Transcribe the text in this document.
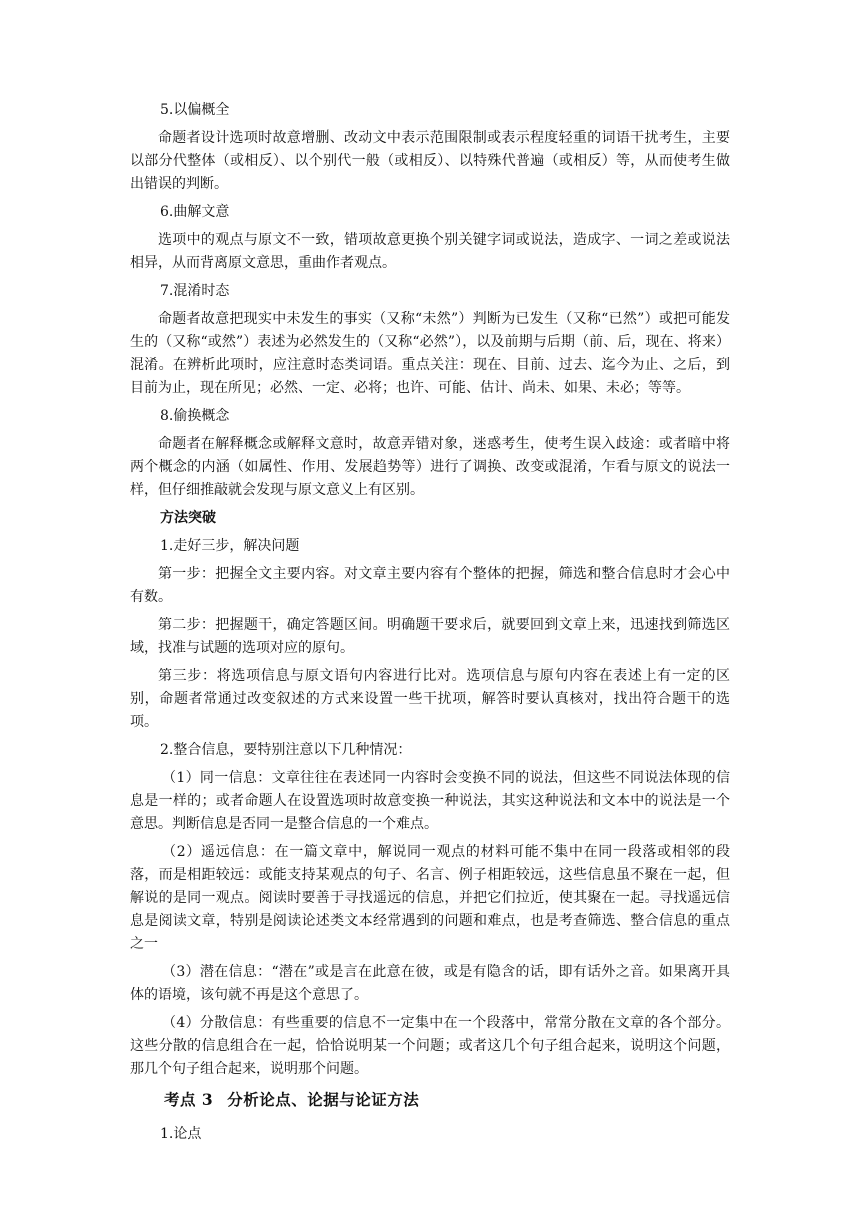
5.以偏概全

命题者设计选项时故意增删、改动文中表示范围限制或表示程度轻重的词语干扰考生，主要以部分代整体（或相反）、以个别代一般（或相反）、以特殊代普遍（或相反）等，从而使考生做出错误的判断。

6.曲解文意

选项中的观点与原文不一致，错项故意更换个别关键字词或说法，造成字、一词之差或说法相异，从而背离原文意思，重曲作者观点。

7.混淆时态

命题者故意把现实中未发生的事实（又称“未然”）判断为已发生（又称“已然”）或把可能发生的（又称“或然”）表述为必然发生的（又称“必然”），以及前期与后期（前、后，现在、将来）混淆。在辨析此项时，应注意时态类词语。重点关注：现在、目前、过去、迄今为止、之后，到目前为止，现在所见；必然、一定、必将；也许、可能、估计、尚未、如果、未必；等等。

8.偷换概念

命题者在解释概念或解释文意时，故意弄错对象，迷惑考生，使考生误入歧途：或者暗中将两个概念的内涵（如属性、作用、发展趋势等）进行了调换、改变或混淆，乍看与原文的说法一样，但仔细推敲就会发现与原文意义上有区别。

方法突破

1.走好三步，解决问题

第一步：把握全文主要内容。对文章主要内容有个整体的把握，筛选和整合信息时才会心中有数。

第二步：把握题干，确定答题区间。明确题干要求后，就要回到文章上来，迅速找到筛选区域，找准与试题的选项对应的原句。

第三步：将选项信息与原文语句内容进行比对。选项信息与原句内容在表述上有一定的区别，命题者常通过改变叙述的方式来设置一些干扰项，解答时要认真核对，找出符合题干的选项。

2.整合信息，要特别注意以下几种情况：

（1）同一信息：文章往往在表述同一内容时会变换不同的说法，但这些不同说法体现的信息是一样的；或者命题人在设置选项时故意变换一种说法，其实这种说法和文本中的说法是一个意思。判断信息是否同一是整合信息的一个难点。

（2）遥远信息：在一篇文章中，解说同一观点的材料可能不集中在同一段落或相邻的段落，而是相距较远：或能支持某观点的句子、名言、例子相距较远，这些信息虽不聚在一起，但解说的是同一观点。阅读时要善于寻找遥远的信息，并把它们拉近，使其聚在一起。寻找遥远信息是阅读文章，特别是阅读论述类文本经常遇到的问题和难点，也是考查筛选、整合信息的重点之一

（3）潜在信息：“潜在”或是言在此意在彼，或是有隐含的话，即有话外之音。如果离开具体的语境，该句就不再是这个意思了。

（4）分散信息：有些重要的信息不一定集中在一个段落中，常常分散在文章的各个部分。这些分散的信息组合在一起，恰恰说明某一个问题；或者这几个句子组合起来，说明这个问题，那几个句子组合起来，说明那个问题。

考点 3 分析论点、论据与论证方法

1.论点
